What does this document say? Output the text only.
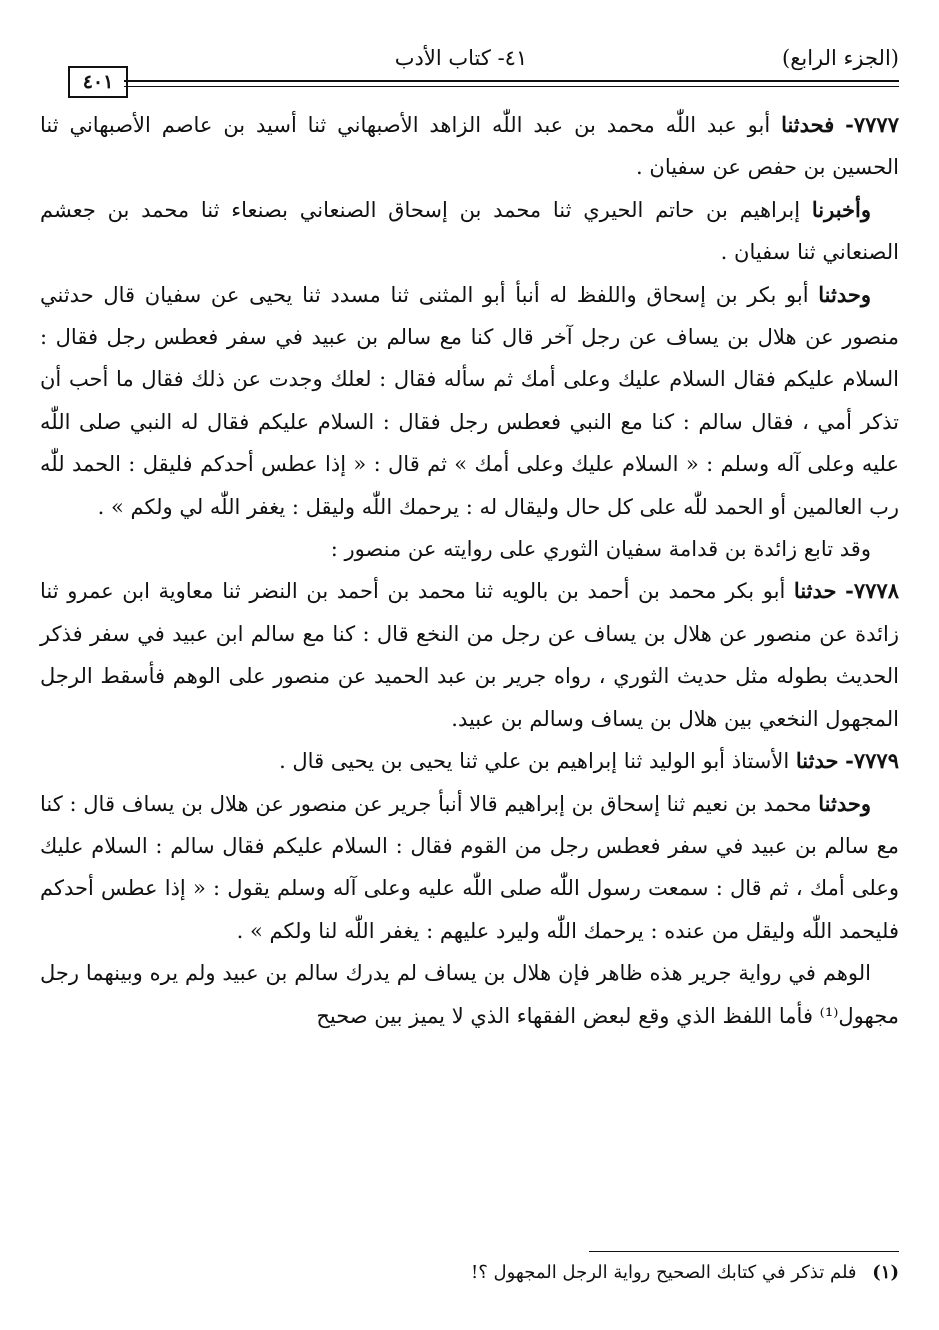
(الجزء الرابع)
٤١- كتاب الأدب
٤٠١

٧٧٧٧- فحدثنا أبو عبد اللّٰه محمد بن عبد اللّٰه الزاهد الأصبهاني ثنا أسيد بن عاصم الأصبهاني ثنا الحسين بن حفص عن سفيان .

وأخبرنا إبراهيم بن حاتم الحيري ثنا محمد بن إسحاق الصنعاني بصنعاء ثنا محمد بن جعشم الصنعاني ثنا سفيان .

وحدثنا أبو بكر بن إسحاق واللفظ له أنبأ أبو المثنى ثنا مسدد ثنا يحيى عن سفيان قال حدثني منصور عن هلال بن يساف عن رجل آخر قال كنا مع سالم بن عبيد في سفر فعطس رجل فقال : السلام عليكم فقال السلام عليك وعلى أمك ثم سأله فقال : لعلك وجدت عن ذلك فقال ما أحب أن تذكر أمي ، فقال سالم : كنا مع النبي فعطس رجل فقال : السلام عليكم فقال له النبي صلى اللّٰه عليه وعلى آله وسلم : « السلام عليك وعلى أمك » ثم قال : « إذا عطس أحدكم فليقل : الحمد للّٰه رب العالمين أو الحمد للّٰه على كل حال وليقال له : يرحمك اللّٰه وليقل : يغفر اللّٰه لي ولكم » .

وقد تابع زائدة بن قدامة سفيان الثوري على روايته عن منصور :

٧٧٧٨- حدثنا أبو بكر محمد بن أحمد بن بالويه ثنا محمد بن أحمد بن النضر ثنا معاوية ابن عمرو ثنا زائدة عن منصور عن هلال بن يساف عن رجل من النخع قال : كنا مع سالم ابن عبيد في سفر فذكر الحديث بطوله مثل حديث الثوري ، رواه جرير بن عبد الحميد عن منصور على الوهم فأسقط الرجل المجهول النخعي بين هلال بن يساف وسالم بن عبيد.

٧٧٧٩- حدثنا الأستاذ أبو الوليد ثنا إبراهيم بن علي ثنا يحيى بن يحيى قال .

وحدثنا محمد بن نعيم ثنا إسحاق بن إبراهيم قالا أنبأ جرير عن منصور عن هلال بن يساف قال : كنا مع سالم بن عبيد في سفر فعطس رجل من القوم فقال : السلام عليكم فقال سالم : السلام عليك وعلى أمك ، ثم قال : سمعت رسول اللّٰه صلى اللّٰه عليه وعلى آله وسلم يقول : « إذا عطس أحدكم فليحمد اللّٰه وليقل من عنده : يرحمك اللّٰه وليرد عليهم : يغفر اللّٰه لنا ولكم » .

الوهم في رواية جرير هذه ظاهر فإن هلال بن يساف لم يدرك سالم بن عبيد ولم يره وبينهما رجل مجهول⁽¹⁾ فأما اللفظ الذي وقع لبعض الفقهاء الذي لا يميز بين صحيح

(١) فلم تذكر في كتابك الصحيح رواية الرجل المجهول ؟!
